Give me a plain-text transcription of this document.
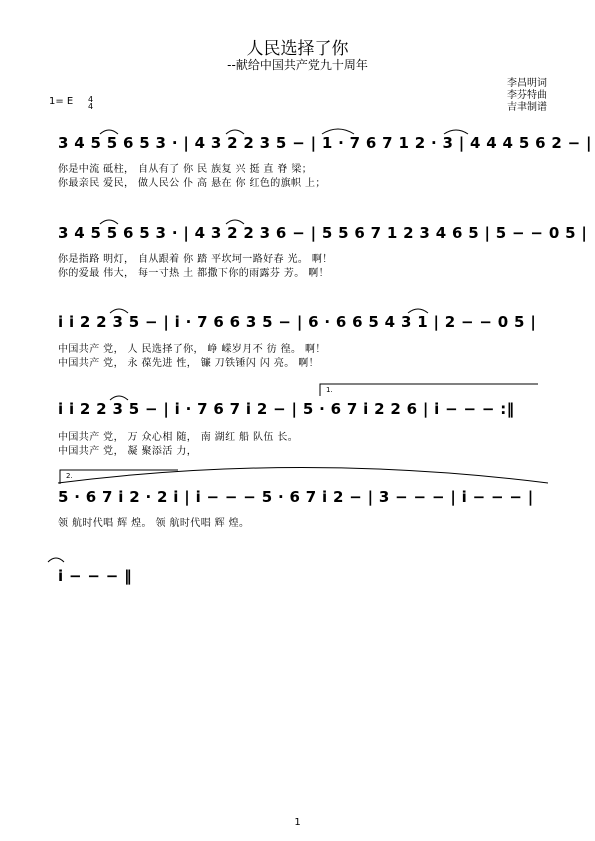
人民选择了你
--献给中国共产党九十周年
李昌明词
李芬特曲
吉聿制谱
1= E 4
4
3 4 5 5 6 5 3 · | 4 3 2 2 3 5 − | 1 · 7 6 7 1 2 · 3 | 4 4 4 5 6 2 − |
你是中流 砥柱， 自从有了 你 民 族复 兴 挺 直 脊 梁；
你最亲民 爱民， 做人民公 仆 高 悬在 你 红色的旗帜 上；
3 4 5 5 6 5 3 · | 4 3 2 2 3 6 − | 5 5 6 7 1 2 3 4 6 5 | 5 − − 0 5 |
你是指路 明灯， 自从跟着 你 踏 平坎坷一路好春 光。 啊！
你的爱最 伟大， 每一寸热 土 都撒下你的雨露芬 芳。 啊！
i i 2 2 3 5 − | i · 7 6 6 3 5 − | 6 · 6 6 5 4 3 1 | 2 − − 0 5 |
中国共产 党， 人 民选择了你， 峥 嵘岁月不 彷 徨。 啊！
中国共产 党， 永 葆先进 性， 镰 刀铁锤闪 闪 亮。 啊！
1.
i i 2 2 3 5 − | i · 7 6 7 i 2 − | 5 · 6 7 i 2 2 6 | i − − − :‖
中国共产 党， 万 众心相 随， 南 湖红 船 队伍 长。
中国共产 党， 凝 聚添活 力，
2.
5 · 6 7 i 2 · 2 i | i − − − 5 · 6 7 i 2 − | 3 − − − | i − − − |
领 航时代唱 辉 煌。 领 航时代唱 辉 煌。
i − − − ‖
1
